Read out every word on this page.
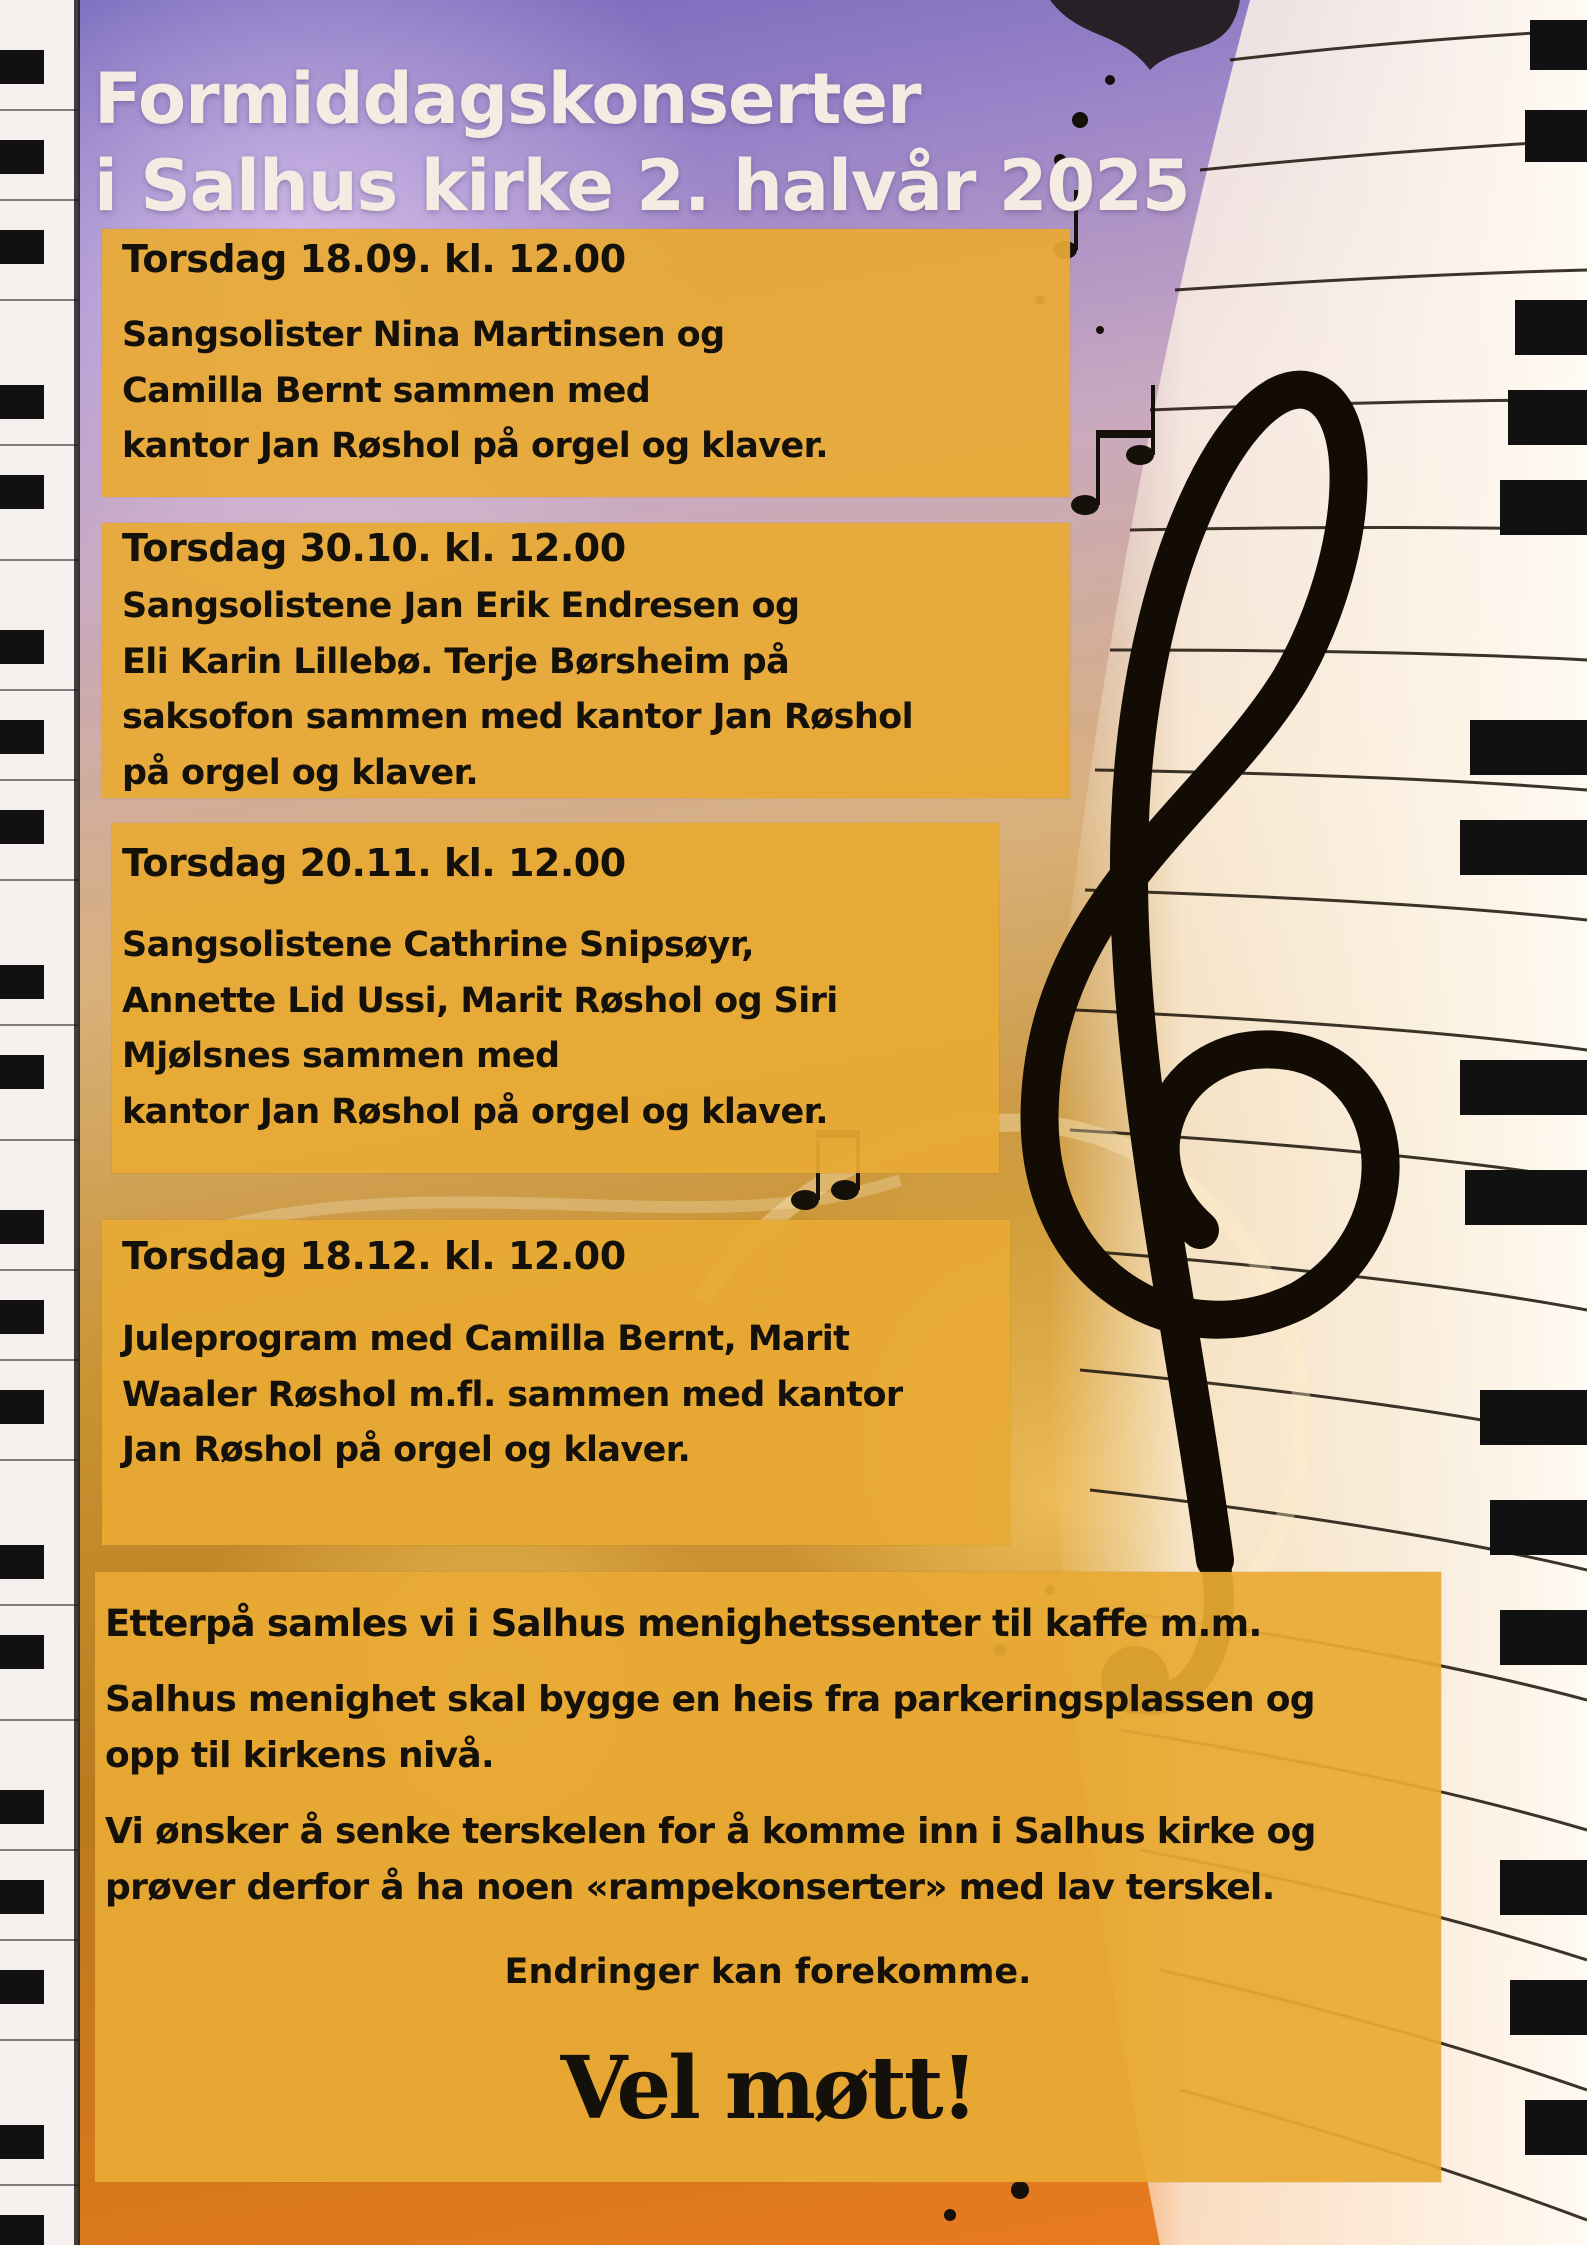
Formiddagskonserter
i Salhus kirke 2. halvår 2025
Torsdag 18.09. kl. 12.00
Sangsolister Nina Martinsen og
Camilla Bernt sammen med
kantor Jan Røshol på orgel og klaver.
Torsdag 30.10. kl. 12.00
Sangsolistene Jan Erik Endresen og
Eli Karin Lillebø. Terje Børsheim på
saksofon sammen med kantor Jan Røshol
på orgel og klaver.
Torsdag 20.11. kl. 12.00
Sangsolistene Cathrine Snipsøyr,
Annette Lid Ussi, Marit Røshol og Siri
Mjølsnes sammen med
kantor Jan Røshol på orgel og klaver.
Torsdag 18.12. kl. 12.00
Juleprogram med Camilla Bernt, Marit
Waaler Røshol m.fl. sammen med kantor
Jan Røshol på orgel og klaver.
Etterpå samles vi i Salhus menighetssenter til kaffe m.m.
Salhus menighet skal bygge en heis fra parkeringsplassen og
opp til kirkens nivå.
Vi ønsker å senke terskelen for å komme inn i Salhus kirke og
prøver derfor å ha noen «rampekonserter» med lav terskel.
Endringer kan forekomme.
Vel møtt!
